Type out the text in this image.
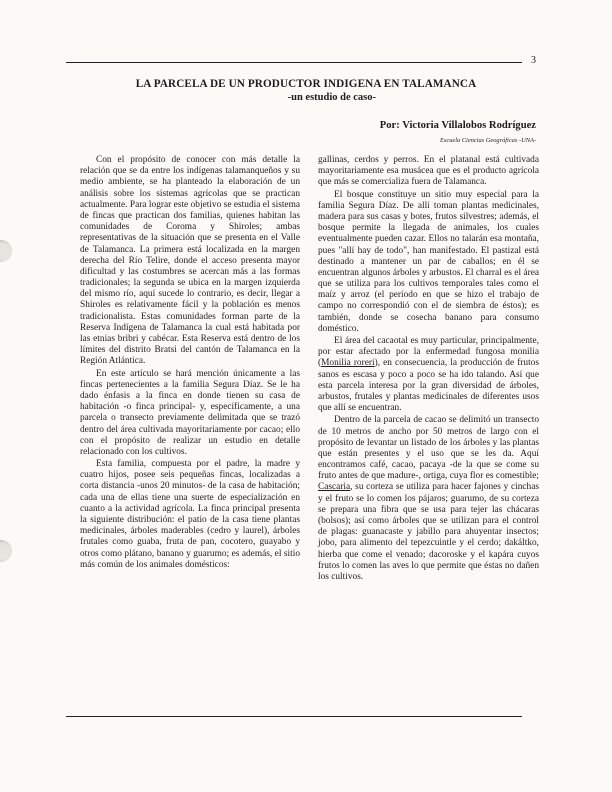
3
LA PARCELA DE UN PRODUCTOR INDIGENA EN TALAMANCA
-un estudio de caso-
Por: Victoria Villalobos Rodríguez
Escuela Ciencias Geográficas -UNA-

Con el propósito de conocer con más detalle la relación que se da entre los indígenas talamanqueños y su medio ambiente, se ha planteado la elaboración de un análisis sobre los sistemas agrícolas que se practican actualmente. Para lograr este objetivo se estudia el sistema de fincas que practican dos familias, quienes habitan las comunidades de Coroma y Shiroles; ambas representativas de la situación que se presenta en el Valle de Talamanca. La primera está localizada en la margen derecha del Río Telire, donde el acceso presenta mayor dificultad y las costumbres se acercan más a las formas tradicionales; la segunda se ubica en la margen izquierda del mismo río, aquí sucede lo contrario, es decir, llegar a Shiroles es relativamente fácil y la población es menos tradicionalista. Estas comunidades forman parte de la Reserva Indígena de Talamanca la cual está habitada por las etnias bribri y cabécar. Esta Reserva está dentro de los límites del distrito Bratsi del cantón de Talamanca en la Región Atlántica.

En este artículo se hará mención únicamente a las fincas pertenecientes a la familia Segura Díaz. Se le ha dado énfasis a la finca en donde tienen su casa de habitación -o finca principal- y, específicamente, a una parcela o transecto previamente delimitada que se trazó dentro del área cultivada mayoritariamente por cacao; ello con el propósito de realizar un estudio en detalle relacionado con los cultivos.

Esta familia, compuesta por el padre, la madre y cuatro hijos, posee seis pequeñas fincas, localizadas a corta distancia -unos 20 minutos- de la casa de habitación; cada una de ellas tiene una suerte de especialización en cuanto a la actividad agrícola. La finca principal presenta la siguiente distribución: el patio de la casa tiene plantas medicinales, árboles maderables (cedro y laurel), árboles frutales como guaba, fruta de pan, cocotero, guayabo y otros como plátano, banano y guarumo; es además, el sitio más común de los animales domésticos:

gallinas, cerdos y perros. En el platanal está cultivada mayoritariamente esa musácea que es el producto agrícola que más se comercializa fuera de Talamanca.

El bosque constituye un sitio muy especial para la familia Segura Díaz. De allí toman plantas medicinales, madera para sus casas y botes, frutos silvestres; además, el bosque permite la llegada de animales, los cuales eventualmente pueden cazar. Ellos no talarán esa montaña, pues "allí hay de todo", han manifestado. El pastizal está destinado a mantener un par de caballos; en él se encuentran algunos árboles y arbustos. El charral es el área que se utiliza para los cultivos temporales tales como el maíz y arroz (el período en que se hizo el trabajo de campo no correspondió con el de siembra de éstos); es también, donde se cosecha banano para consumo doméstico.

El área del cacaotal es muy particular, principalmente, por estar afectado por la enfermedad fungosa monilia (Monilia roreri), en consecuencia, la producción de frutos sanos es escasa y poco a poco se ha ido talando. Así que esta parcela interesa por la gran diversidad de árboles, arbustos, frutales y plantas medicinales de diferentes usos que allí se encuentran.

Dentro de la parcela de cacao se delimitó un transecto de 10 metros de ancho por 50 metros de largo con el propósito de levantar un listado de los árboles y las plantas que están presentes y el uso que se les da. Aquí encontramos café, cacao, pacaya -de la que se come su fruto antes de que madure-, ortiga, cuya flor es comestible; Cascaria, su corteza se utiliza para hacer fajones y cinchas y el fruto se lo comen los pájaros; guarumo, de su corteza se prepara una fibra que se usa para tejer las chácaras (bolsos); así como árboles que se utilizan para el control de plagas: guanacaste y jabillo para ahuyentar insectos; jobo, para alimento del tepezcuintle y el cerdo; dakáltko, hierba que come el venado; dacoroske y el kapára cuyos frutos lo comen las aves lo que permite que éstas no dañen los cultivos.
